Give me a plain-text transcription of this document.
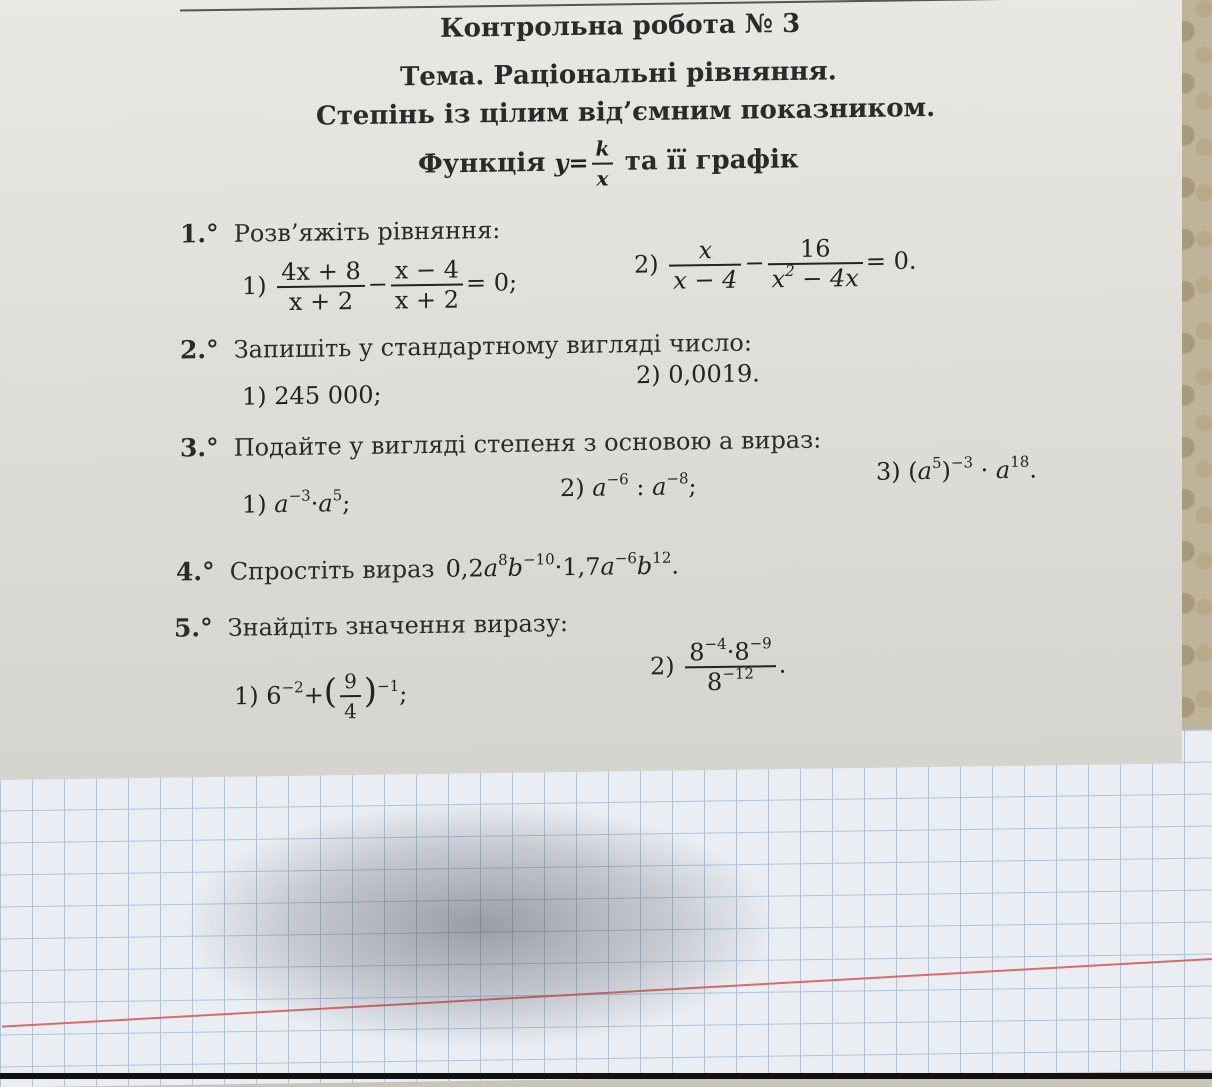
Контрольна робота № 3
Тема. Раціональні рівняння.
Степінь із цілим від’ємним показником.
Функція $y= \frac{k}{x}$ та її графік
1.° Розв’яжіть рівняння:
$1) \frac{4x + 8}{x + 2} - \frac{x - 4}{x + 2} = 0$;
$2) \frac{x}{x - 4} - \frac{16}{x^2 - 4x} = 0$.
2.° Запишіть у стандартному вигляді число:
1) 245 000;
2) 0,0019.
3.° Подайте у вигляді степеня з основою a вираз:
1) $a^{-3}\cdot a^5$;
2) $a^{-6}$ : $a^{-8}$;
3) $(a^5)^{-3} \cdot a^{18}$.
4.° Спростіть вираз $0,2a^8b^{-10}\cdot 1,7a^{-6}b^{12}$.
5.° Знайдіть значення виразу:
1) $6^{-2}+( \frac{9}{4} )^{-1}$;
$2) \frac{8^{-4}\cdot 8^{-9}}{8^{-12}}$ .
